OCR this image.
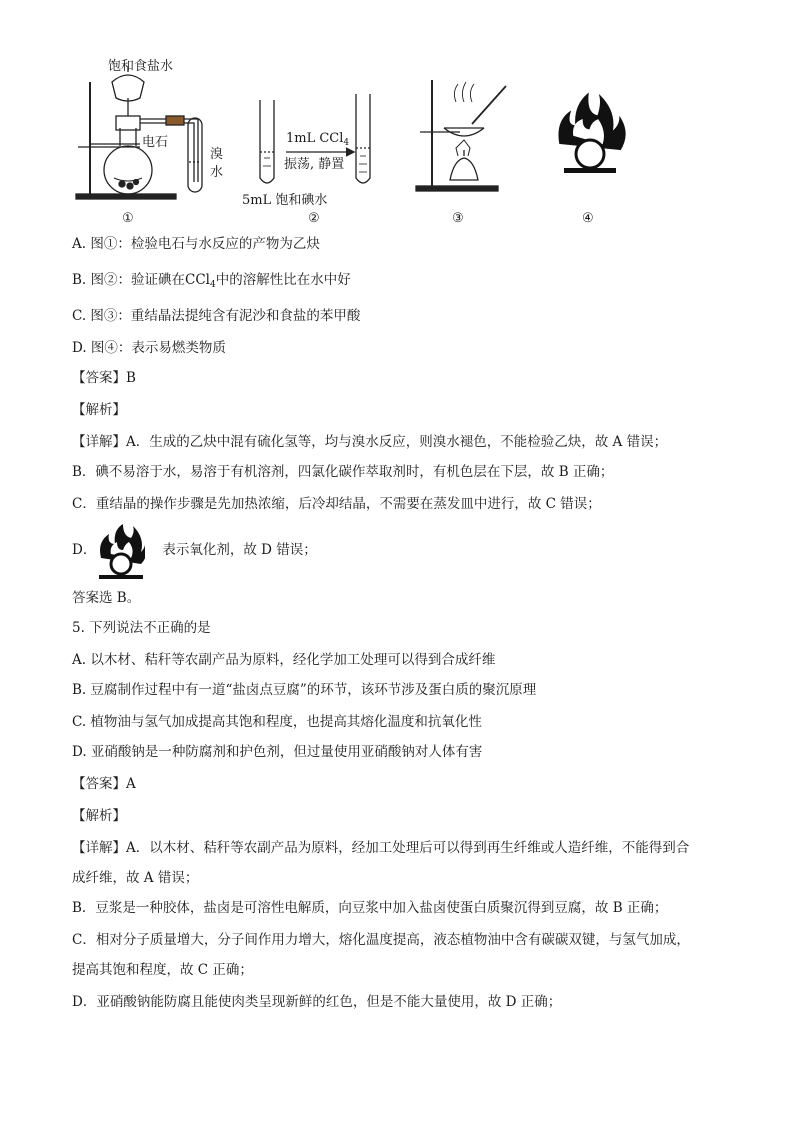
饱和食盐水
电石
溴
水
1mL CCl$_4$
振荡, 静置
5mL 饱和碘水
①	②	③	④
A. 图①：检验电石与水反应的产物为乙炔
B. 图②：验证碘在CCl$_4$中的溶解性比在水中好
C. 图③：重结晶法提纯含有泥沙和食盐的苯甲酸
D. 图④：表示易燃类物质
【答案】B
【解析】
【详解】A．生成的乙炔中混有硫化氢等，均与溴水反应，则溴水褪色，不能检验乙炔，故 A 错误；
B．碘不易溶于水，易溶于有机溶剂，四氯化碳作萃取剂时，有机色层在下层，故 B 正确；
C．重结晶的操作步骤是先加热浓缩，后冷却结晶，不需要在蒸发皿中进行，故 C 错误；
D．	表示氧化剂，故 D 错误；
答案选 B。
5. 下列说法不正确的是
A. 以木材、秸秆等农副产品为原料，经化学加工处理可以得到合成纤维
B. 豆腐制作过程中有一道“盐卤点豆腐”的环节，该环节涉及蛋白质的聚沉原理
C. 植物油与氢气加成提高其饱和程度，也提高其熔化温度和抗氧化性
D. 亚硝酸钠是一种防腐剂和护色剂，但过量使用亚硝酸钠对人体有害
【答案】A
【解析】
【详解】A．以木材、秸秆等农副产品为原料，经加工处理后可以得到再生纤维或人造纤维，不能得到合
成纤维，故 A 错误；
B．豆浆是一种胶体，盐卤是可溶性电解质，向豆浆中加入盐卤使蛋白质聚沉得到豆腐，故 B 正确；
C．相对分子质量增大，分子间作用力增大，熔化温度提高，液态植物油中含有碳碳双键，与氢气加成，
提高其饱和程度，故 C 正确；
D．亚硝酸钠能防腐且能使肉类呈现新鲜的红色，但是不能大量使用，故 D 正确；
